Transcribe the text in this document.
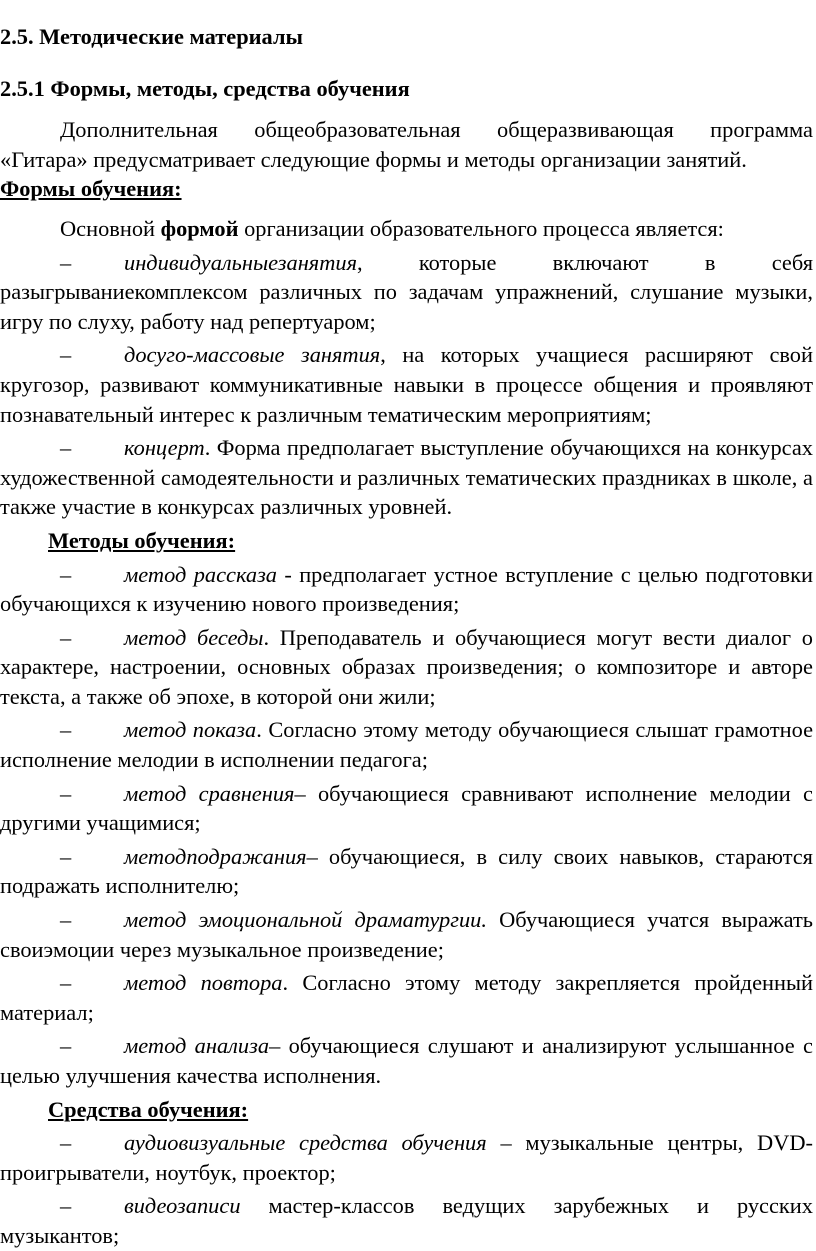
2.5. Методические материалы

2.5.1 Формы, методы, средства обучения

Дополнительная общеобразовательная общеразвивающая программа «Гитара» предусматривает следующие формы и методы организации занятий.

Формы обучения:

Основной формой организации образовательного процесса является:

– индивидуальныезанятия, которые включают в себя разыгрываниекомплексом различных по задачам упражнений, слушание музыки, игру по слуху, работу над репертуаром;

– досуго-массовые занятия, на которых учащиеся расширяют свой кругозор, развивают коммуникативные навыки в процессе общения и проявляют познавательный интерес к различным тематическим мероприятиям;

– концерт. Форма предполагает выступление обучающихся на конкурсах художественной самодеятельности и различных тематических праздниках в школе, а также участие в конкурсах различных уровней.

Методы обучения:

– метод рассказа - предполагает устное вступление с целью подготовки обучающихся к изучению нового произведения;

– метод беседы. Преподаватель и обучающиеся могут вести диалог о характере, настроении, основных образах произведения; о композиторе и авторе текста, а также об эпохе, в которой они жили;

– метод показа. Согласно этому методу обучающиеся слышат грамотное исполнение мелодии в исполнении педагога;

– метод сравнения– обучающиеся сравнивают исполнение мелодии с другими учащимися;

– методподражания– обучающиеся, в силу своих навыков, стараются подражать исполнителю;

– метод эмоциональной драматургии. Обучающиеся учатся выражать своиэмоции через музыкальное произведение;

– метод повтора. Согласно этому методу закрепляется пройденный материал;

– метод анализа– обучающиеся слушают и анализируют услышанное с целью улучшения качества исполнения.

Средства обучения:

– аудиовизуальные средства обучения – музыкальные центры, DVD-проигрыватели, ноутбук, проектор;

– видеозаписи мастер-классов ведущих зарубежных и русских музыкантов;
